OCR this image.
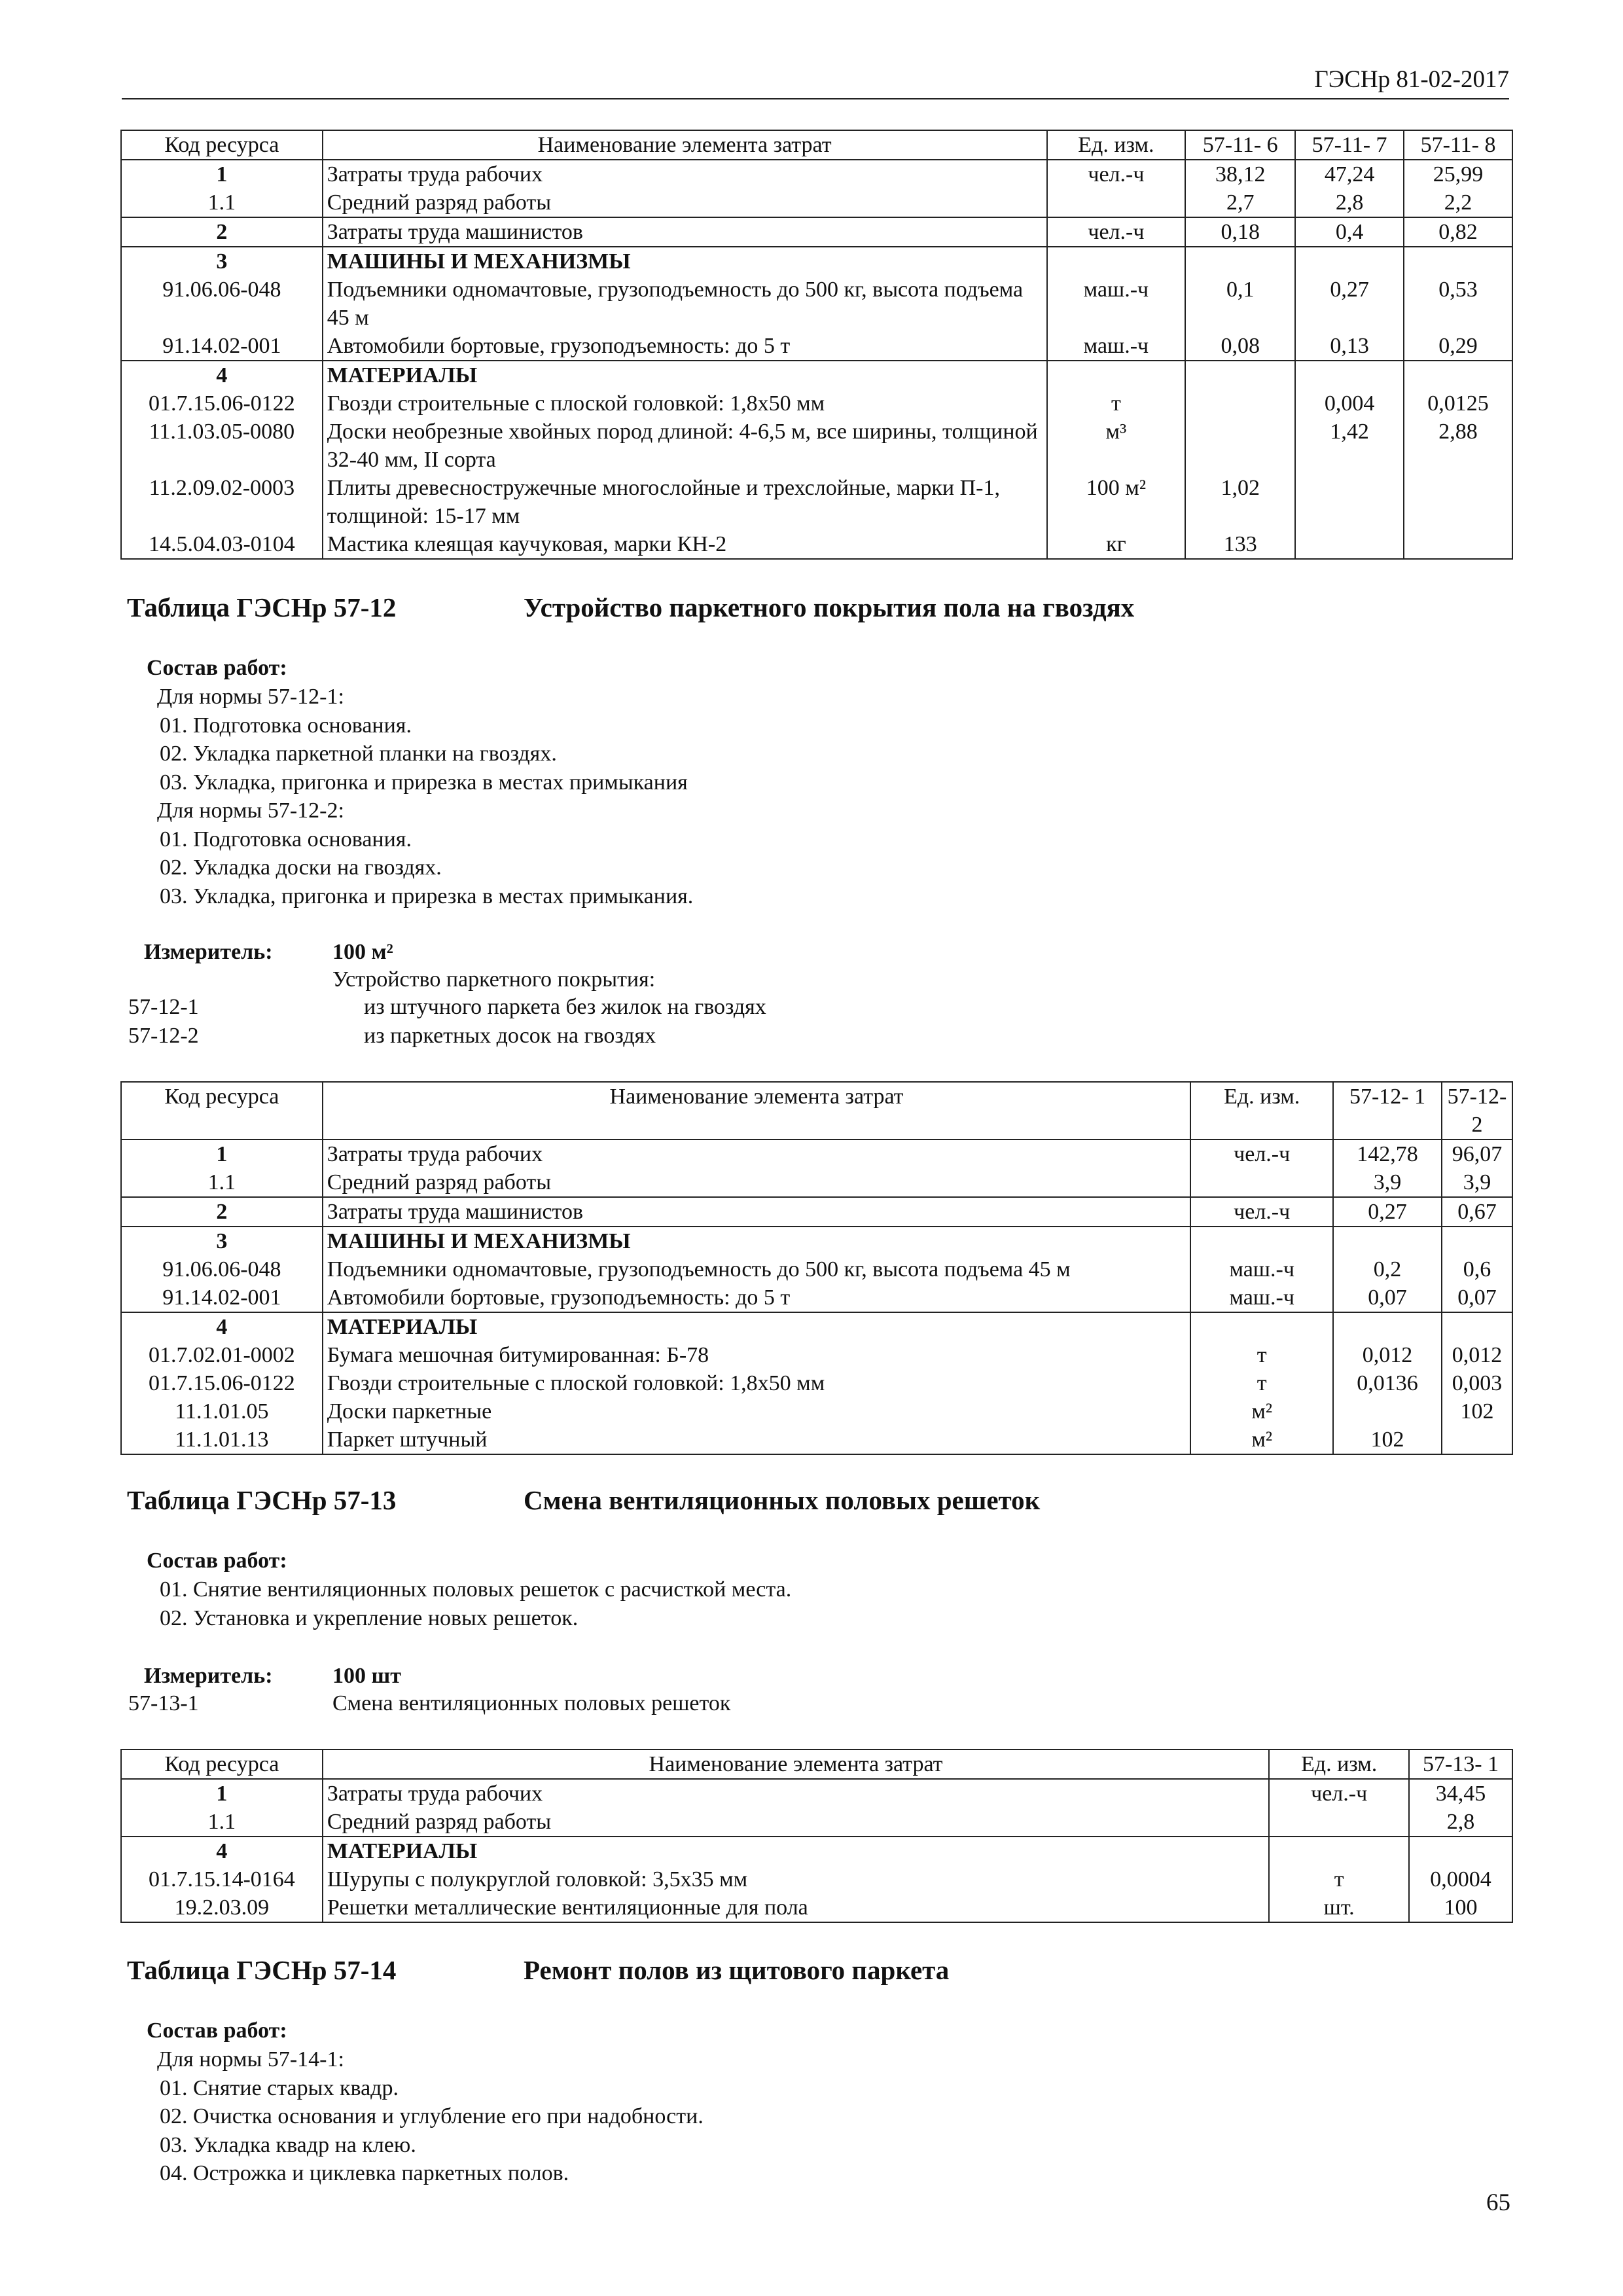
ГЭСНр 81-02-2017
Код ресурса	Наименование элемента затрат	Ед. изм.	57-11- 6	57-11- 7	57-11- 8
1	Затраты труда рабочих	чел.-ч	38,12	47,24	25,99
1.1	Средний разряд работы		2,7	2,8	2,2
2	Затраты труда машинистов	чел.-ч	0,18	0,4	0,82
3	МАШИНЫ И МЕХАНИЗМЫ				
91.06.06-048	Подъемники одномачтовые, грузоподъемность до 500 кг, высота подъема 45 м	маш.-ч	0,1	0,27	0,53
91.14.02-001	Автомобили бортовые, грузоподъемность: до 5 т	маш.-ч	0,08	0,13	0,29
4	МАТЕРИАЛЫ				
01.7.15.06-0122	Гвозди строительные с плоской головкой: 1,8х50 мм	т		0,004	0,0125
11.1.03.05-0080	Доски необрезные хвойных пород длиной: 4-6,5 м, все ширины, толщиной 32-40 мм, II сорта	м³		1,42	2,88
11.2.09.02-0003	Плиты древесностружечные многослойные и трехслойные, марки П-1, толщиной: 15-17 мм	100 м²	1,02		
14.5.04.03-0104	Мастика клеящая каучуковая, марки КН-2	кг	133		
Таблица ГЭСНр 57-12	Устройство паркетного покрытия пола на гвоздях
Состав работ:
Для нормы 57-12-1:
01. Подготовка основания.
02. Укладка паркетной планки на гвоздях.
03. Укладка, пригонка и прирезка в местах примыкания
Для нормы 57-12-2:
01. Подготовка основания.
02. Укладка доски на гвоздях.
03. Укладка, пригонка и прирезка в местах примыкания.
Измеритель:	100 м²
Устройство паркетного покрытия:
57-12-1	из штучного паркета без жилок на гвоздях
57-12-2	из паркетных досок на гвоздях
Код ресурса	Наименование элемента затрат	Ед. изм.	57-12- 1	57-12- 2
1	Затраты труда рабочих	чел.-ч	142,78	96,07
1.1	Средний разряд работы		3,9	3,9
2	Затраты труда машинистов	чел.-ч	0,27	0,67
3	МАШИНЫ И МЕХАНИЗМЫ			
91.06.06-048	Подъемники одномачтовые, грузоподъемность до 500 кг, высота подъема 45 м	маш.-ч	0,2	0,6
91.14.02-001	Автомобили бортовые, грузоподъемность: до 5 т	маш.-ч	0,07	0,07
4	МАТЕРИАЛЫ			
01.7.02.01-0002	Бумага мешочная битумированная: Б-78	т	0,012	0,012
01.7.15.06-0122	Гвозди строительные с плоской головкой: 1,8х50 мм	т	0,0136	0,003
11.1.01.05	Доски паркетные	м²		102
11.1.01.13	Паркет штучный	м²	102	
Таблица ГЭСНр 57-13	Смена вентиляционных половых решеток
Состав работ:
01. Снятие вентиляционных половых решеток с расчисткой места.
02. Установка и укрепление новых решеток.
Измеритель:	100 шт
57-13-1	Смена вентиляционных половых решеток
Код ресурса	Наименование элемента затрат	Ед. изм.	57-13- 1
1	Затраты труда рабочих	чел.-ч	34,45
1.1	Средний разряд работы		2,8
4	МАТЕРИАЛЫ		
01.7.15.14-0164	Шурупы с полукруглой головкой: 3,5х35 мм	т	0,0004
19.2.03.09	Решетки металлические вентиляционные для пола	шт.	100
Таблица ГЭСНр 57-14	Ремонт полов из щитового паркета
Состав работ:
Для нормы 57-14-1:
01. Снятие старых квадр.
02. Очистка основания и углубление его при надобности.
03. Укладка квадр на клею.
04. Острожка и циклевка паркетных полов.
65
